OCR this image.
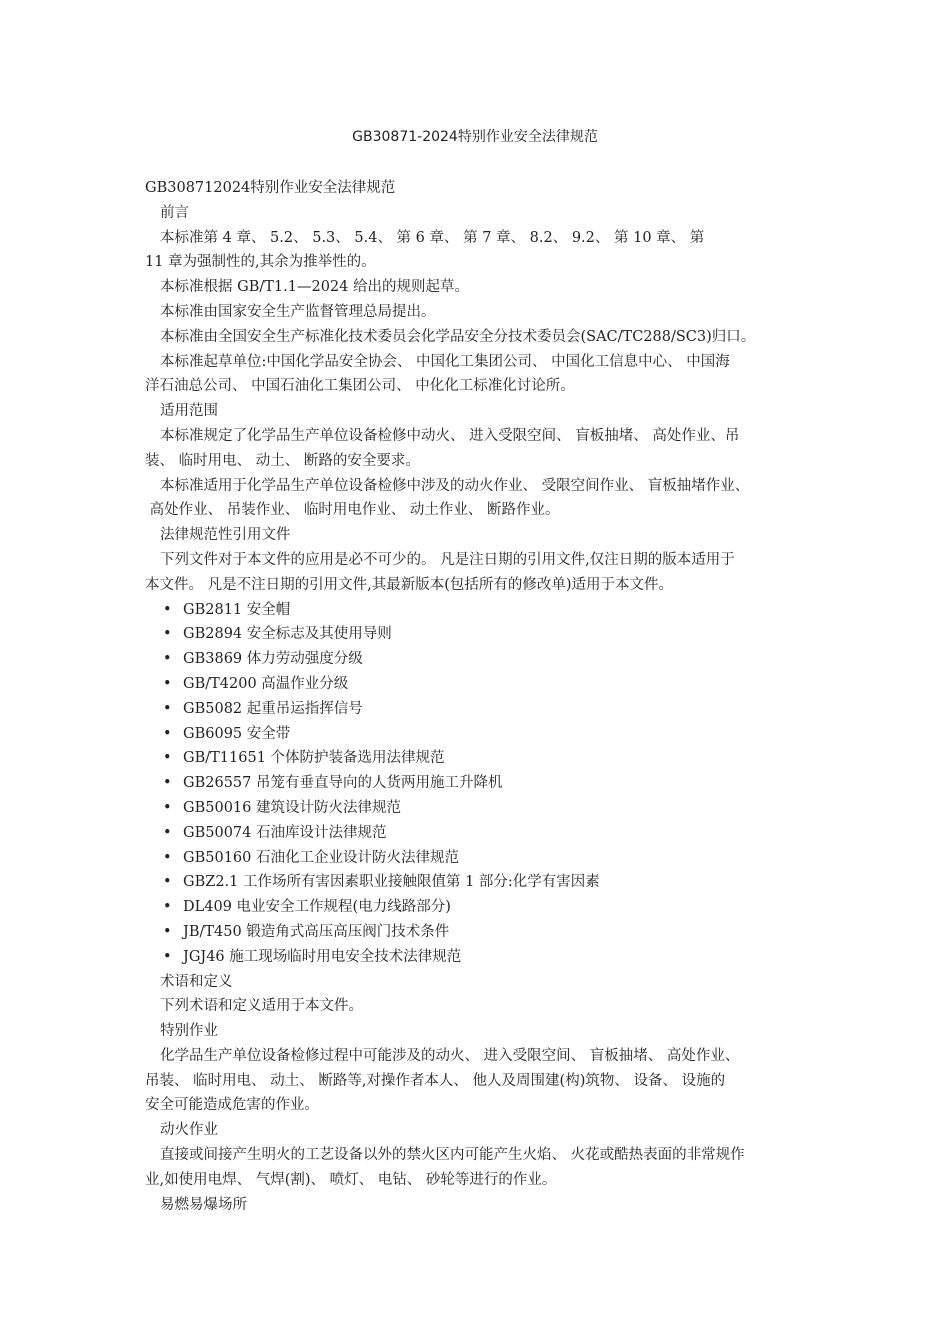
GB30871-2024特别作业安全法律规范
GB308712024特别作业安全法律规范
前言
本标准第 4 章、 5.2、 5.3、 5.4、 第 6 章、 第 7 章、 8.2、 9.2、 第 10 章、 第
11 章为强制性的,其余为推举性的。
本标准根据 GB/T1.1—2024 给出的规则起草。
本标准由国家安全生产监督管理总局提出。
本标准由全国安全生产标准化技术委员会化学品安全分技术委员会(SAC/TC288/SC3)归口。
本标准起草单位:中国化学品安全协会、 中国化工集团公司、 中国化工信息中心、 中国海
洋石油总公司、 中国石油化工集团公司、 中化化工标准化讨论所。
适用范围
本标准规定了化学品生产单位设备检修中动火、 进入受限空间、 盲板抽堵、 高处作业、吊
装、 临时用电、 动土、 断路的安全要求。
本标准适用于化学品生产单位设备检修中涉及的动火作业、 受限空间作业、 盲板抽堵作业、
高处作业、 吊装作业、 临时用电作业、 动土作业、 断路作业。
法律规范性引用文件
下列文件对于本文件的应用是必不可少的。 凡是注日期的引用文件,仅注日期的版本适用于
本文件。 凡是不注日期的引用文件,其最新版本(包括所有的修改单)适用于本文件。
• GB2811 安全帽
• GB2894 安全标志及其使用导则
• GB3869 体力劳动强度分级
• GB/T4200 高温作业分级
• GB5082 起重吊运指挥信号
• GB6095 安全带
• GB/T11651 个体防护装备选用法律规范
• GB26557 吊笼有垂直导向的人货两用施工升降机
• GB50016 建筑设计防火法律规范
• GB50074 石油库设计法律规范
• GB50160 石油化工企业设计防火法律规范
• GBZ2.1 工作场所有害因素职业接触限值第 1 部分:化学有害因素
• DL409 电业安全工作规程(电力线路部分)
• JB/T450 锻造角式高压高压阀门技术条件
• JGJ46 施工现场临时用电安全技术法律规范
术语和定义
下列术语和定义适用于本文件。
特别作业
化学品生产单位设备检修过程中可能涉及的动火、 进入受限空间、 盲板抽堵、 高处作业、
吊装、 临时用电、 动土、 断路等,对操作者本人、 他人及周围建(构)筑物、 设备、 设施的
安全可能造成危害的作业。
动火作业
直接或间接产生明火的工艺设备以外的禁火区内可能产生火焰、 火花或酷热表面的非常规作
业,如使用电焊、 气焊(割)、 喷灯、 电钻、 砂轮等进行的作业。
易燃易爆场所
